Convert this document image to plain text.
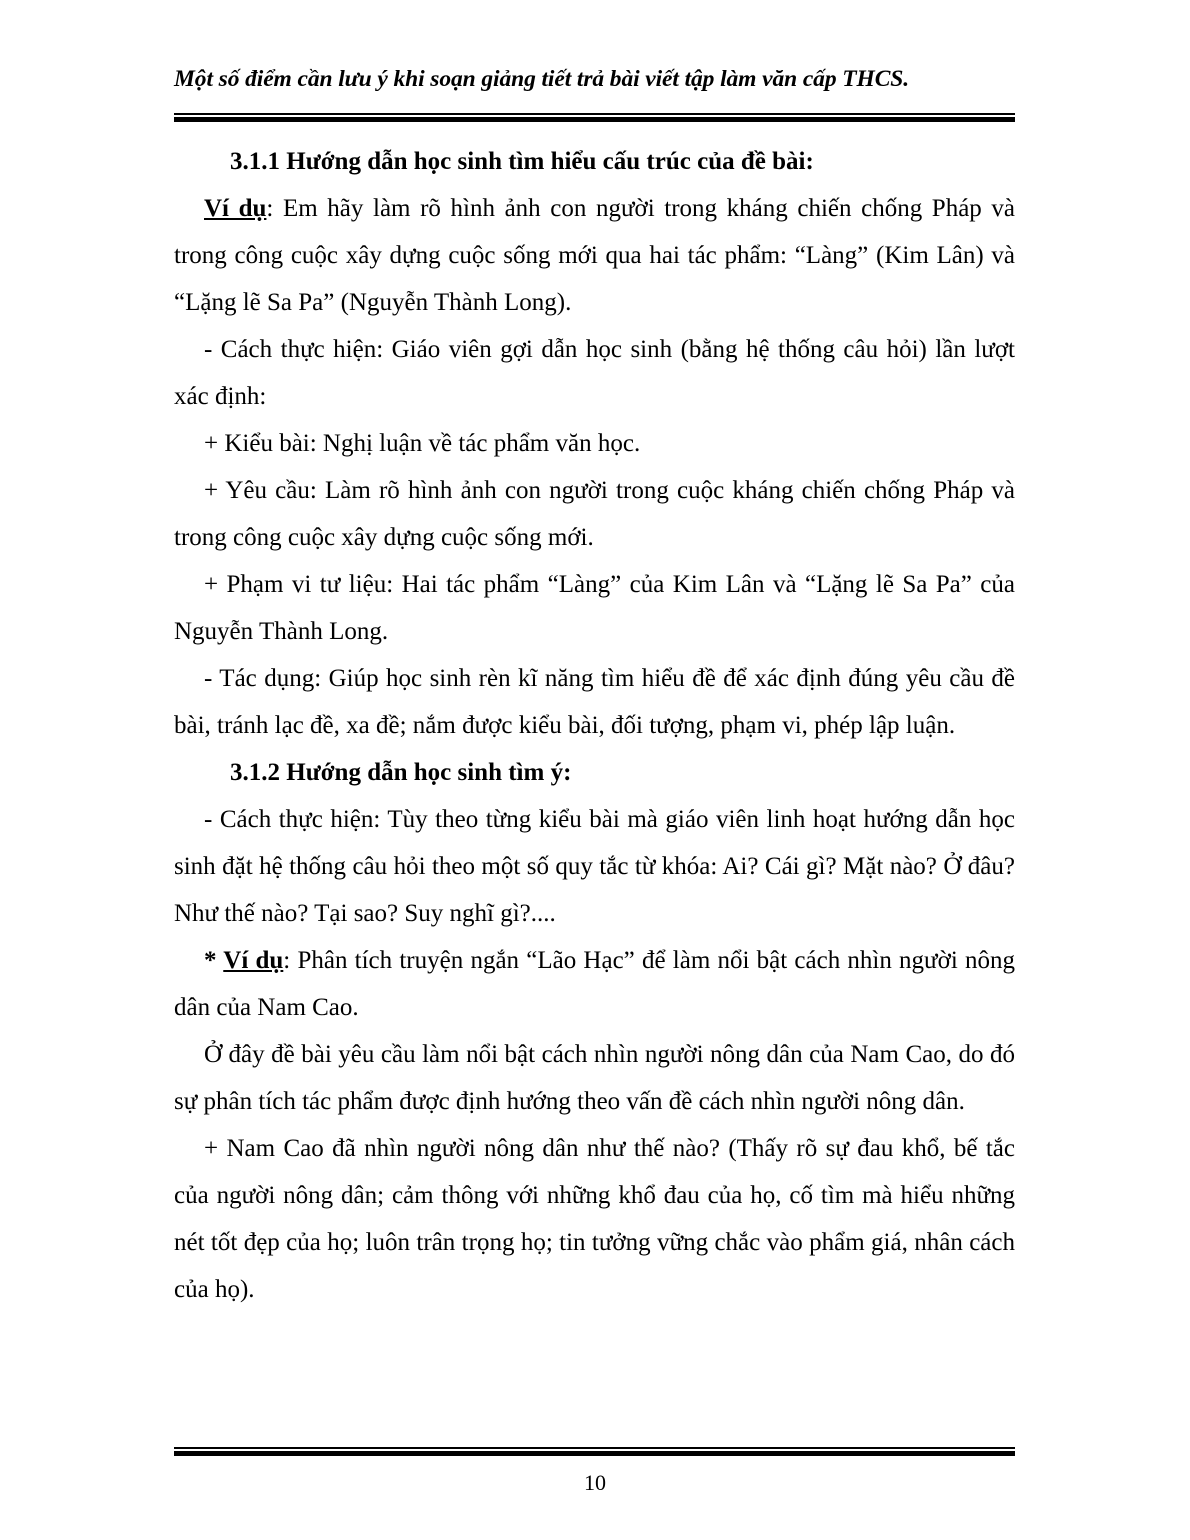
Một số điểm cần lưu ý khi soạn giảng tiết trả bài viết tập làm văn cấp THCS.

3.1.1 Hướng dẫn học sinh tìm hiểu cấu trúc của đề bài:

Ví dụ: Em hãy làm rõ hình ảnh con người trong kháng chiến chống Pháp và trong công cuộc xây dựng cuộc sống mới qua hai tác phẩm: “Làng” (Kim Lân) và “Lặng lẽ Sa Pa” (Nguyễn Thành Long).

- Cách thực hiện: Giáo viên gợi dẫn học sinh (bằng hệ thống câu hỏi) lần lượt xác định:

+ Kiểu bài: Nghị luận về tác phẩm văn học.

+ Yêu cầu: Làm rõ hình ảnh con người trong cuộc kháng chiến chống Pháp và trong công cuộc xây dựng cuộc sống mới.

+ Phạm vi tư liệu: Hai tác phẩm “Làng” của Kim Lân và “Lặng lẽ Sa Pa” của Nguyễn Thành Long.

- Tác dụng: Giúp học sinh rèn kĩ năng tìm hiểu đề để xác định đúng yêu cầu đề bài, tránh lạc đề, xa đề; nắm được kiểu bài, đối tượng, phạm vi, phép lập luận.

3.1.2 Hướng dẫn học sinh tìm ý:

- Cách thực hiện: Tùy theo từng kiểu bài mà giáo viên linh hoạt hướng dẫn học sinh đặt hệ thống câu hỏi theo một số quy tắc từ khóa: Ai? Cái gì? Mặt nào? Ở đâu? Như thế nào? Tại sao? Suy nghĩ gì?....

* Ví dụ: Phân tích truyện ngắn “Lão Hạc” để làm nổi bật cách nhìn người nông dân của Nam Cao.

Ở đây đề bài yêu cầu làm nổi bật cách nhìn người nông dân của Nam Cao, do đó sự phân tích tác phẩm được định hướng theo vấn đề cách nhìn người nông dân.

+ Nam Cao đã nhìn người nông dân như thế nào? (Thấy rõ sự đau khổ, bế tắc của người nông dân; cảm thông với những khổ đau của họ, cố tìm mà hiểu những nét tốt đẹp của họ; luôn trân trọng họ; tin tưởng vững chắc vào phẩm giá, nhân cách của họ).

10
